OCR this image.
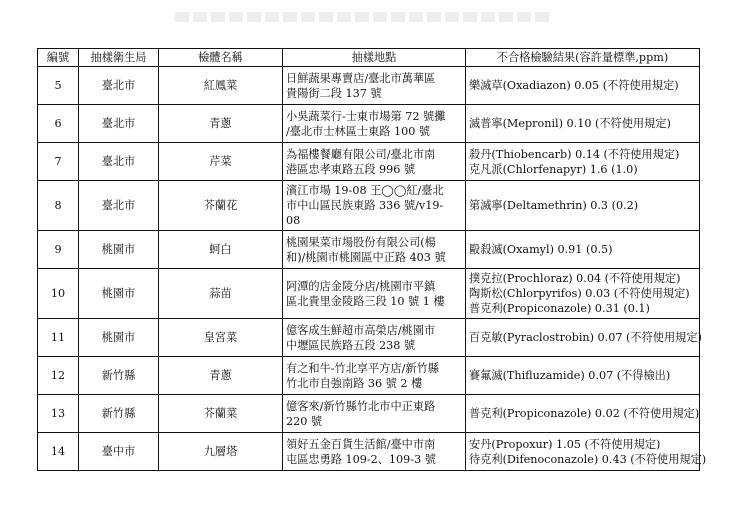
編號	抽樣衛生局	檢體名稱	抽樣地點	不合格檢驗結果(容許量標準,ppm)
5	臺北市	紅鳳菜	日鮮蔬果專賣店/臺北市萬華區
貴陽街二段 137 號	樂滅草(Oxadiazon) 0.05 (不符使用規定)

6	臺北市	青蔥	小吳蔬菜行-士東市場第 72 號攤
/臺北市士林區士東路 100 號	滅普寧(Mepronil) 0.10 (不符使用規定)

7	臺北市	芹菜	為福樓餐廳有限公司/臺北市南
港區忠孝東路五段 996 號	殺丹(Thiobencarb) 0.14 (不符使用規定)
克凡派(Chlorfenapyr) 1.6 (1.0)

8	臺北市	芥蘭花	濱江市場 19-08 王◯◯紅/臺北
市中山區民族東路 336 號/v19-
08	第滅寧(Deltamethrin) 0.3 (0.2)

9	桃園市	蚵白	桃園果菜市場股份有限公司(楊
和)/桃園市桃園區中正路 403 號	毆殺滅(Oxamyl) 0.91 (0.5)

10	桃園市	蒜苗	阿潭的店金陵分店/桃園市平鎮
區北貴里金陵路三段 10 號 1 樓	撲克拉(Prochloraz) 0.04 (不符使用規定)
陶斯松(Chlorpyrifos) 0.03 (不符使用規定)
普克利(Propiconazole) 0.31 (0.1)

11	桃園市	皇宮菜	億客成生鮮超市高榮店/桃園市
中壢區民族路五段 238 號	百克敏(Pyraclostrobin) 0.07 (不符使用規定)

12	新竹縣	青蔥	有之和牛-竹北享平方店/新竹縣
竹北市自強南路 36 號 2 樓	賽氟滅(Thifluzamide) 0.07 (不得檢出)

13	新竹縣	芥蘭菜	億客來/新竹縣竹北市中正東路
220 號	普克利(Propiconazole) 0.02 (不符使用規定)

14	臺中市	九層塔	領好五金百貨生活館/臺中市南
屯區忠勇路 109-2、109-3 號	安丹(Propoxur) 1.05 (不符使用規定)
待克利(Difenoconazole) 0.43 (不符使用規定)
